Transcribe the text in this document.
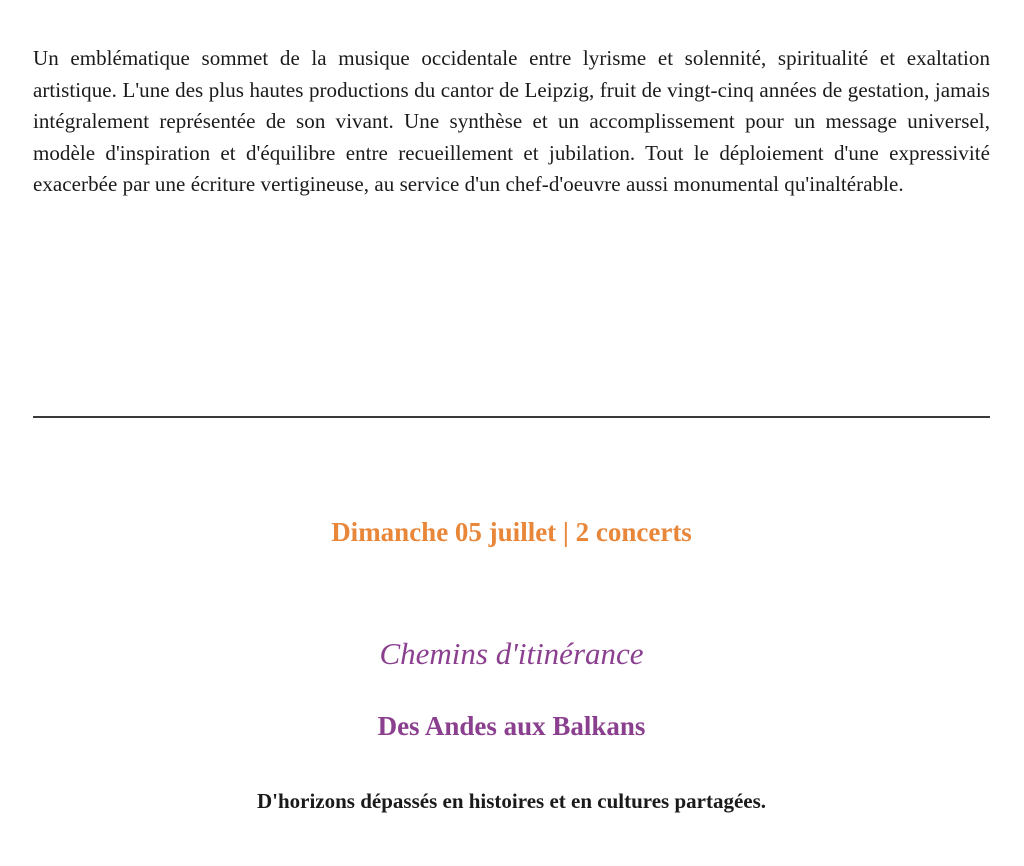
Un emblématique sommet de la musique occidentale entre lyrisme et solennité, spiritualité et exaltation artistique. L'une des plus hautes productions du cantor de Leipzig, fruit de vingt-cinq années de gestation, jamais intégralement représentée de son vivant. Une synthèse et un accomplissement pour un message universel, modèle d'inspiration et d'équilibre entre recueillement et jubilation. Tout le déploiement d'une expressivité exacerbée par une écriture vertigineuse, au service d'un chef-d'oeuvre aussi monumental qu'inaltérable.

Dimanche 05 juillet | 2 concerts
Chemins d'itinérance
Des Andes aux Balkans

D'horizons dépassés en histoires et en cultures partagées.
